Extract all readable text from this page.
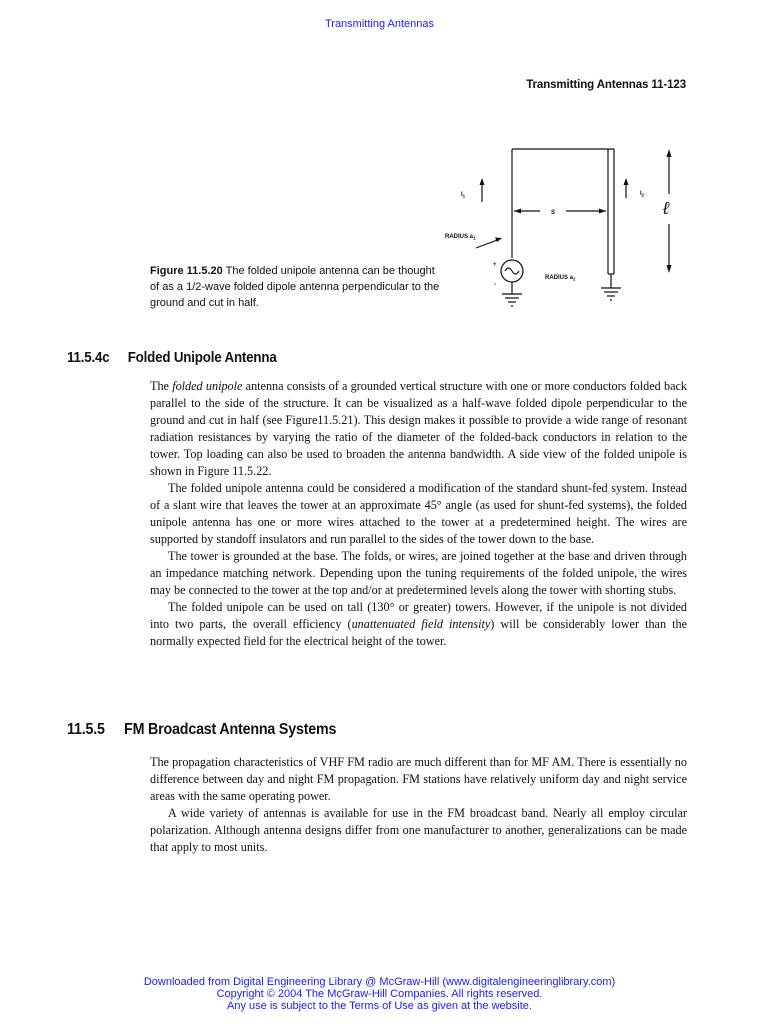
Transmitting Antennas
Transmitting Antennas 11-123
$I_1$	$I_2$
S
RADIUS $a_1$
RADIUS $a_2$
+
-
ℓ
Figure 11.5.20 The folded unipole antenna can be thought of as a 1/2-wave folded dipole antenna perpendicular to the ground and cut in half.
11.5.4c Folded Unipole Antenna

The folded unipole antenna consists of a grounded vertical structure with one or more conductors folded back parallel to the side of the structure. It can be visualized as a half-wave folded dipole perpendicular to the ground and cut in half (see Figure11.5.21). This design makes it possible to provide a wide range of resonant radiation resistances by varying the ratio of the diameter of the folded-back conductors in relation to the tower. Top loading can also be used to broaden the antenna bandwidth. A side view of the folded unipole is shown in Figure 11.5.22.

The folded unipole antenna could be considered a modification of the standard shunt-fed system. Instead of a slant wire that leaves the tower at an approximate 45° angle (as used for shunt-fed systems), the folded unipole antenna has one or more wires attached to the tower at a predetermined height. The wires are supported by standoff insulators and run parallel to the sides of the tower down to the base.

The tower is grounded at the base. The folds, or wires, are joined together at the base and driven through an impedance matching network. Depending upon the tuning requirements of the folded unipole, the wires may be connected to the tower at the top and/or at predetermined levels along the tower with shorting stubs.

The folded unipole can be used on tall (130° or greater) towers. However, if the unipole is not divided into two parts, the overall efficiency (unattenuated field intensity) will be considerably lower than the normally expected field for the electrical height of the tower.

11.5.5 FM Broadcast Antenna Systems

The propagation characteristics of VHF FM radio are much different than for MF AM. There is essentially no difference between day and night FM propagation. FM stations have relatively uniform day and night service areas with the same operating power.

A wide variety of antennas is available for use in the FM broadcast band. Nearly all employ circular polarization. Although antenna designs differ from one manufacturer to another, generalizations can be made that apply to most units.

Downloaded from Digital Engineering Library @ McGraw-Hill (www.digitalengineeringlibrary.com)
Copyright © 2004 The McGraw-Hill Companies. All rights reserved.
Any use is subject to the Terms of Use as given at the website.
